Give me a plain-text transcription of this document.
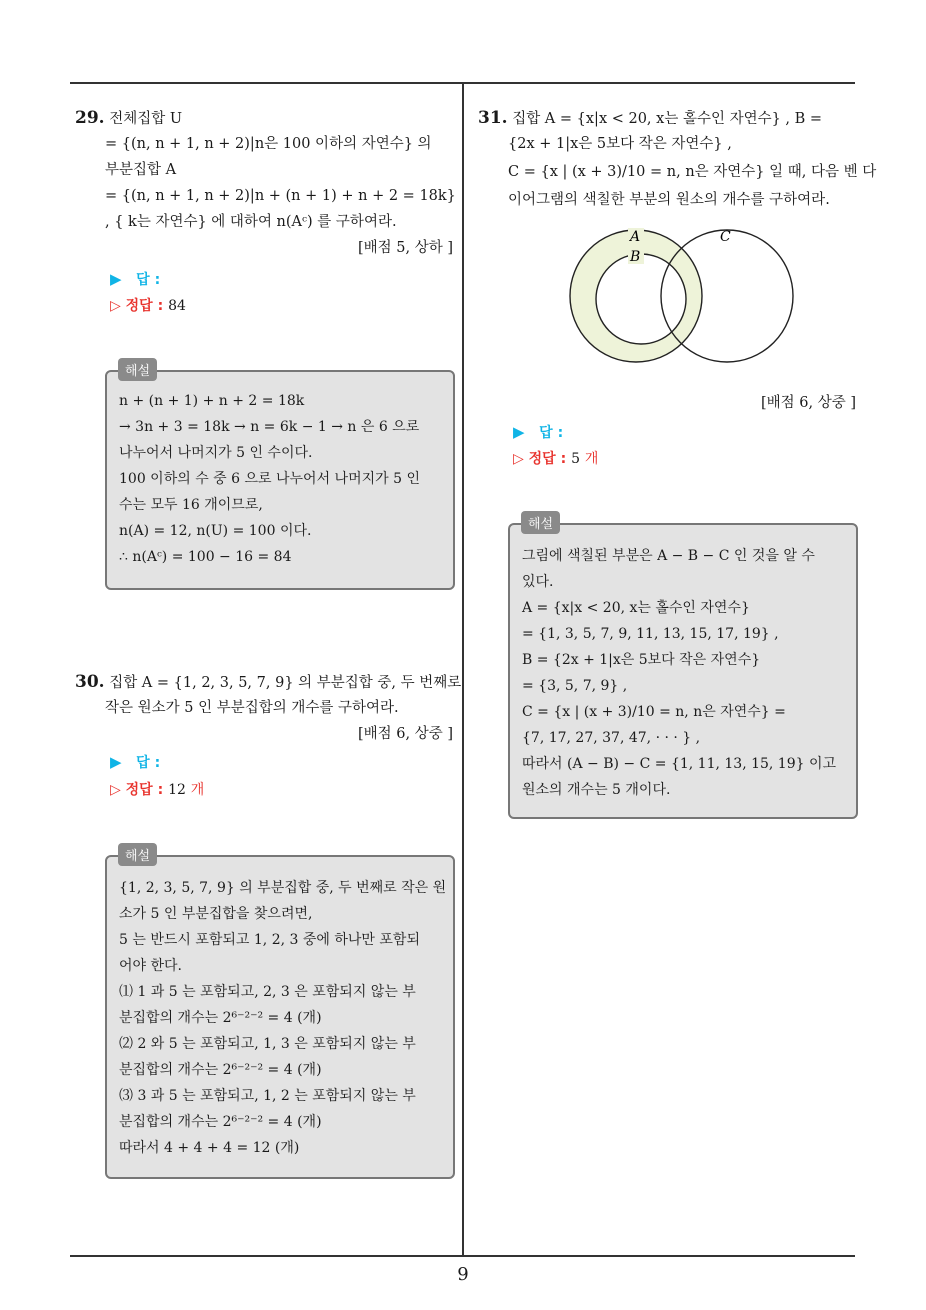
29. 전체집합 U
= {(n, n + 1, n + 2)|n은 100 이하의 자연수} 의
부분집합 A
= {(n, n + 1, n + 2)|n + (n + 1) + n + 2 = 18k}
, { k는 자연수} 에 대하여 n(Aᶜ) 를 구하여라.
[배점 5, 상하 ]
▶ 답 :
▷ 정답 : 84
n + (n + 1) + n + 2 = 18k
→ 3n + 3 = 18k → n = 6k − 1 → n 은 6 으로
나누어서 나머지가 5 인 수이다.
100 이하의 수 중 6 으로 나누어서 나머지가 5 인
수는 모두 16 개이므로,
n(A) = 12, n(U) = 100 이다.
∴ n(Aᶜ) = 100 − 16 = 84
해설
30. 집합 A = {1, 2, 3, 5, 7, 9} 의 부분집합 중, 두 번째로
작은 원소가 5 인 부분집합의 개수를 구하여라.
[배점 6, 상중 ]
▶ 답 :
▷ 정답 : 12 개
{1, 2, 3, 5, 7, 9} 의 부분집합 중, 두 번째로 작은 원
소가 5 인 부분집합을 찾으려면,
5 는 반드시 포함되고 1, 2, 3 중에 하나만 포함되
어야 한다.
⑴ 1 과 5 는 포함되고, 2, 3 은 포함되지 않는 부
분집합의 개수는 2⁶⁻²⁻² = 4 (개)
⑵ 2 와 5 는 포함되고, 1, 3 은 포함되지 않는 부
분집합의 개수는 2⁶⁻²⁻² = 4 (개)
⑶ 3 과 5 는 포함되고, 1, 2 는 포함되지 않는 부
분집합의 개수는 2⁶⁻²⁻² = 4 (개)
따라서 4 + 4 + 4 = 12 (개)
해설
31. 집합 A = {x|x < 20, x는 홀수인 자연수} , B =
{2x + 1|x은 5보다 작은 자연수} ,
C = {x | (x + 3)/10 = n, n은 자연수} 일 때, 다음 벤 다
이어그램의 색칠한 부분의 원소의 개수를 구하여라.
A
B
C
[배점 6, 상중 ]
▶ 답 :
▷ 정답 : 5 개
그림에 색칠된 부분은 A − B − C 인 것을 알 수
있다.
A = {x|x < 20, x는 홀수인 자연수}
= {1, 3, 5, 7, 9, 11, 13, 15, 17, 19} ,
B = {2x + 1|x은 5보다 작은 자연수}
= {3, 5, 7, 9} ,
C = {x | (x + 3)/10 = n, n은 자연수} =
{7, 17, 27, 37, 47, · · · } ,
따라서 (A − B) − C = {1, 11, 13, 15, 19} 이고
원소의 개수는 5 개이다.
해설
9
